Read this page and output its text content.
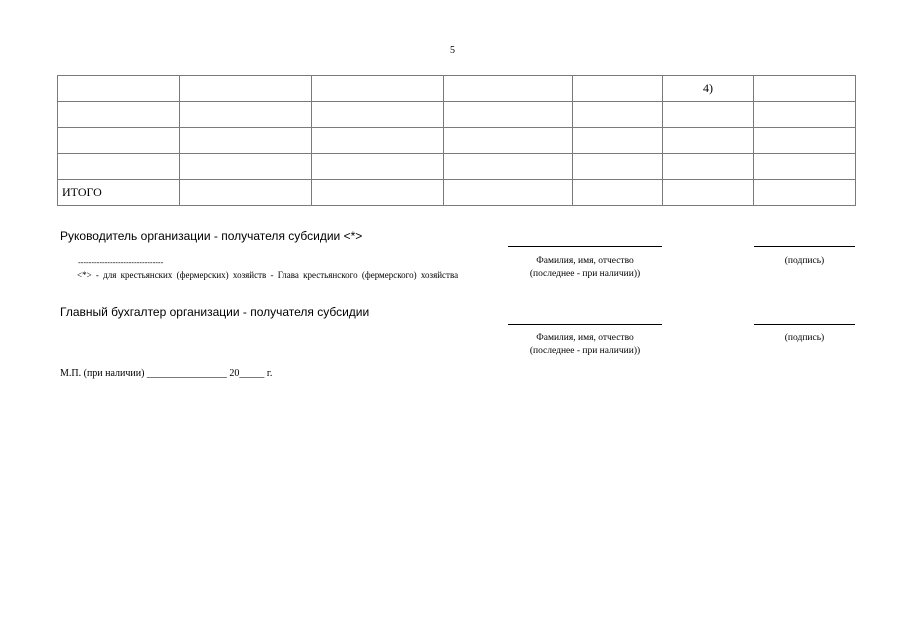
5
					4)	

ИТОГО						
Руководитель организации - получателя субсидии <*>
Фамилия, имя, отчество
(последнее - при наличии))
(подпись)
--------------------------------
<*> - для крестьянских (фермерских) хозяйств - Глава крестьянского (фермерского) хозяйства
Главный бухгалтер организации - получателя субсидии
Фамилия, имя, отчество
(последнее - при наличии))
(подпись)
М.П. (при наличии) ________________ 20_____ г.
